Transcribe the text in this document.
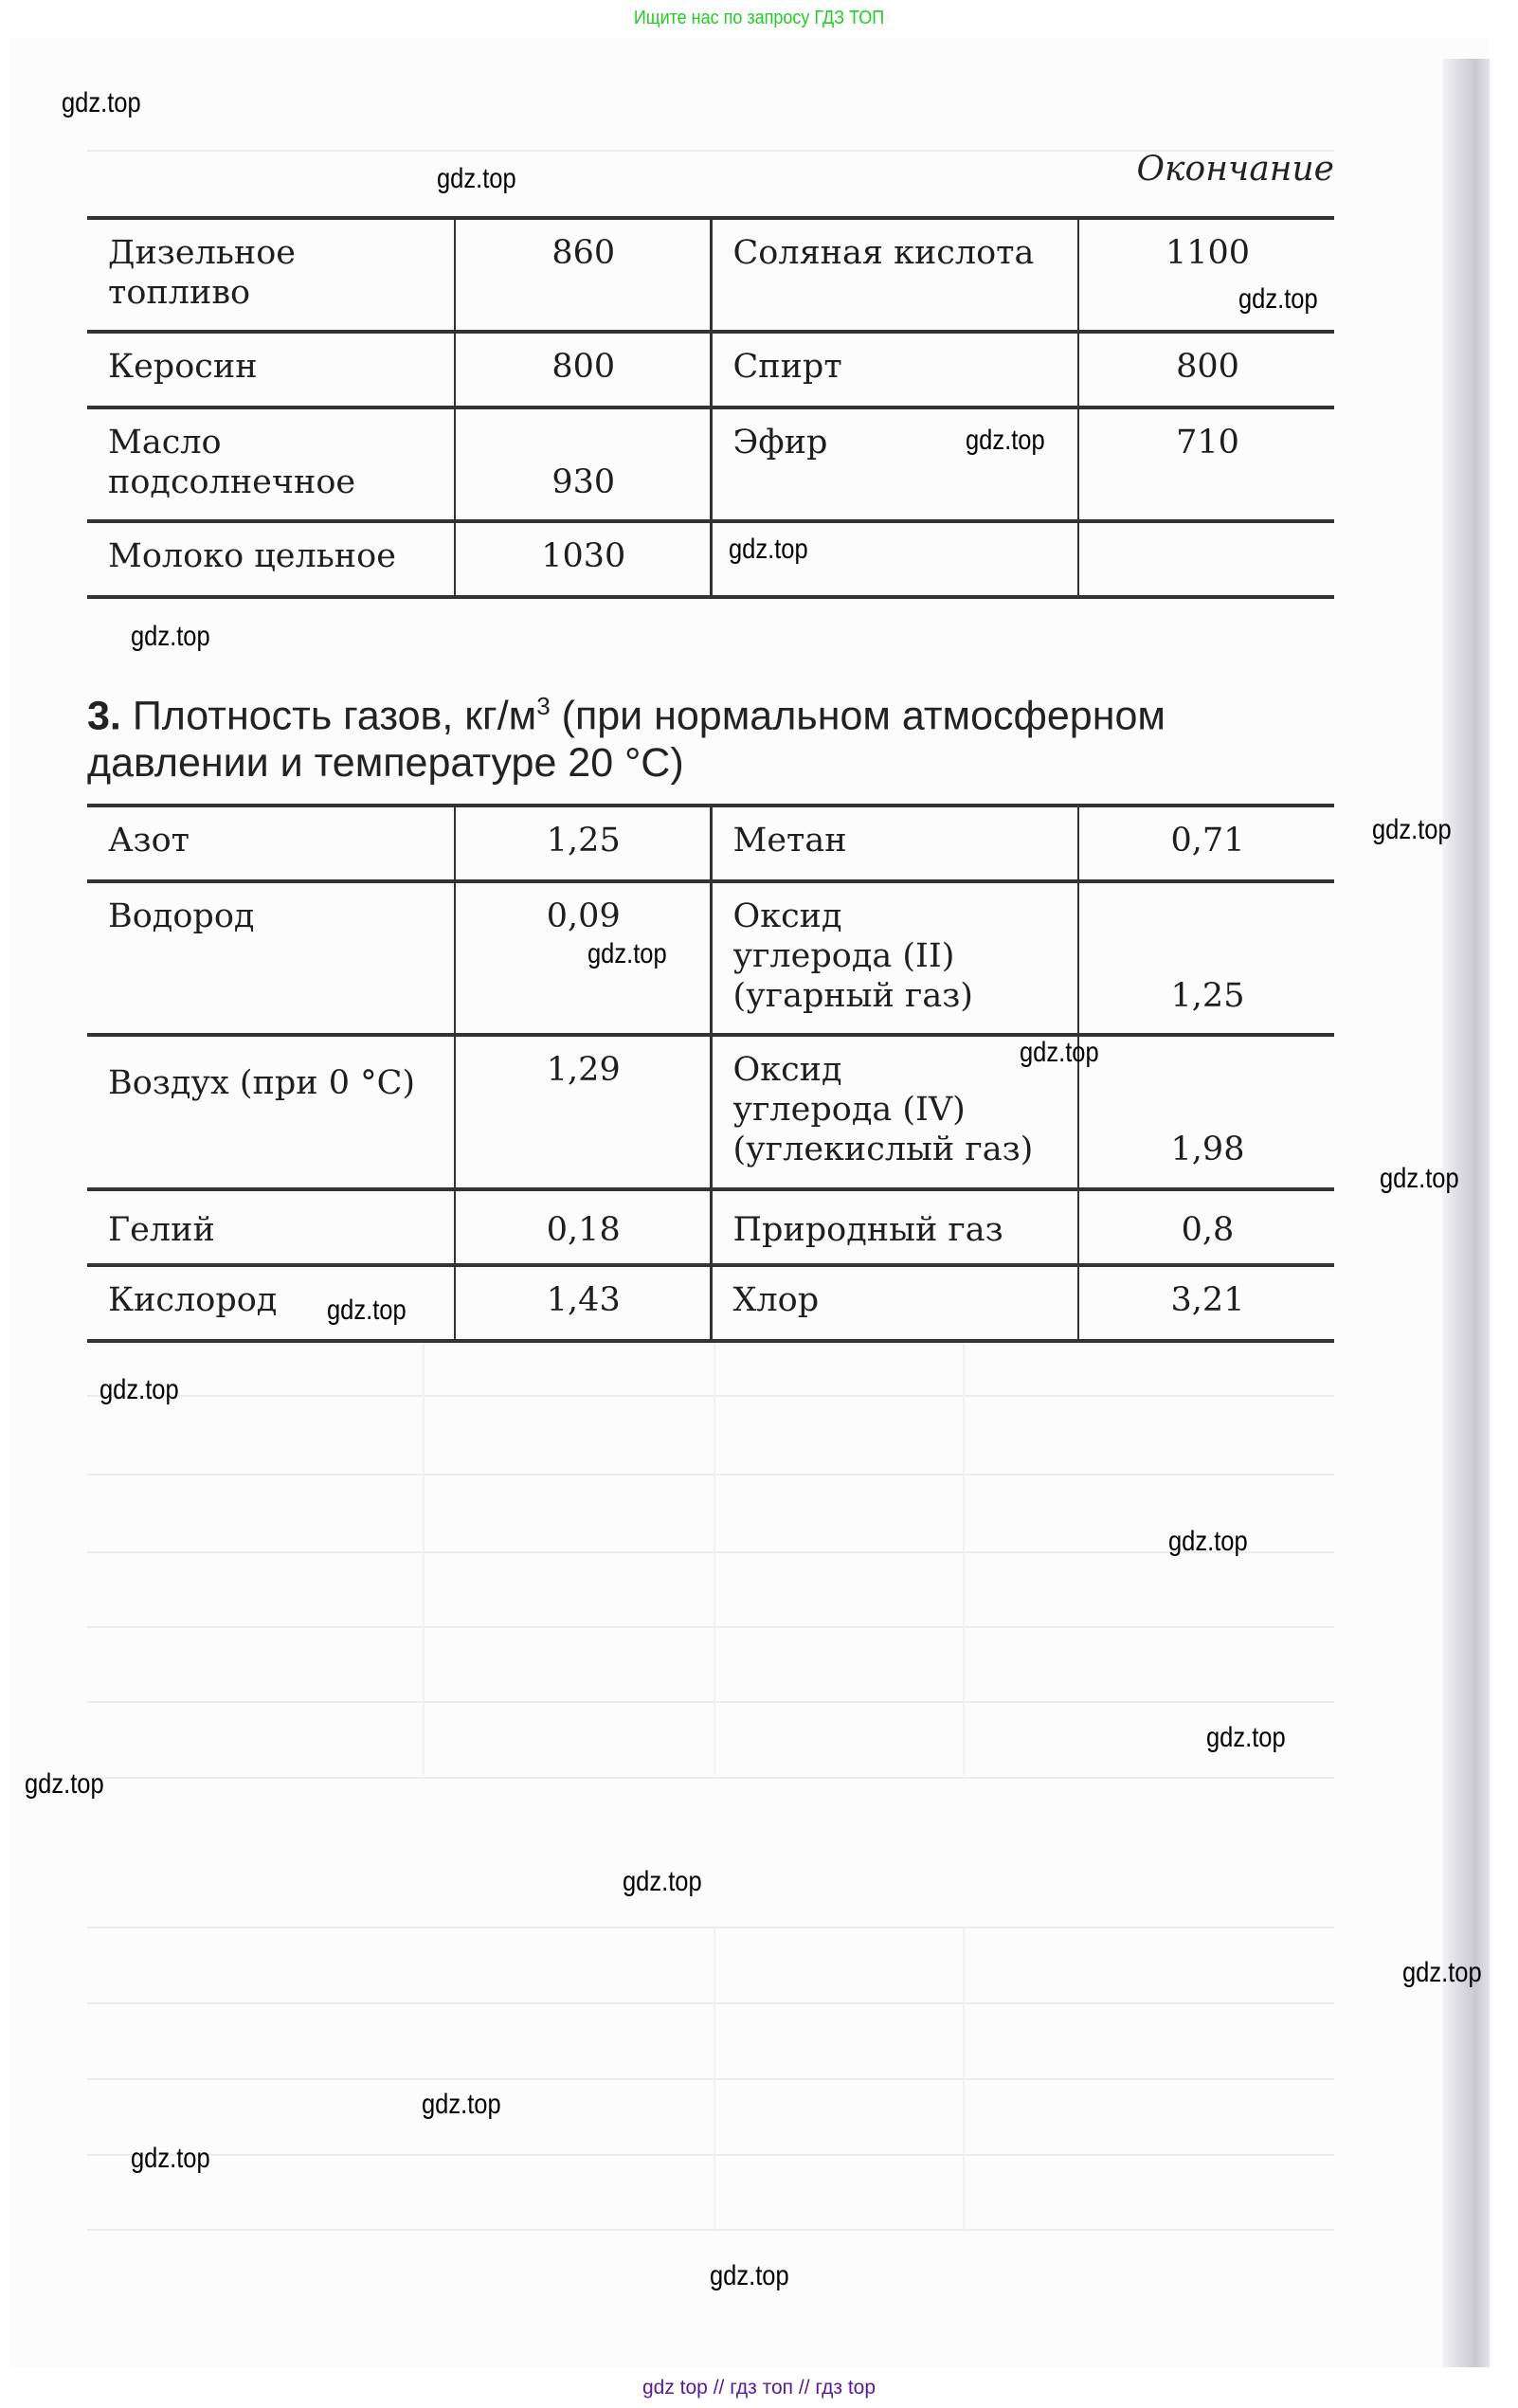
Ищите нас по запросу ГДЗ ТОП
Окончание
Дизельное
топливо	860	Соляная кислота	1100

Керосин	800	Спирт	800

Масло
подсолнечное	930	Эфир	710

Молоко цельное	1030		
3. Плотность газов, $кг/м^3$ (при нормальном атмосферном давлении и температуре 20 °С)
Азот	1,25	Метан	0,71

Водород	0,09	Оксид
углерода (II)
(угарный газ)	1,25

Воздух (при 0 °С)	1,29	Оксид
углерода (IV)
(углекислый газ)	1,98

Гелий	0,18	Природный газ	0,8

Кислород	1,43	Хлор	3,21
gdz.top
gdz.top
gdz.top
gdz.top
gdz.top
gdz.top
gdz.top
gdz.top
gdz.top
gdz.top
gdz.top
gdz.top
gdz.top
gdz.top
gdz.top
gdz.top
gdz.top
gdz.top
gdz.top
gdz.top
gdz top // гдз топ // гдз top
